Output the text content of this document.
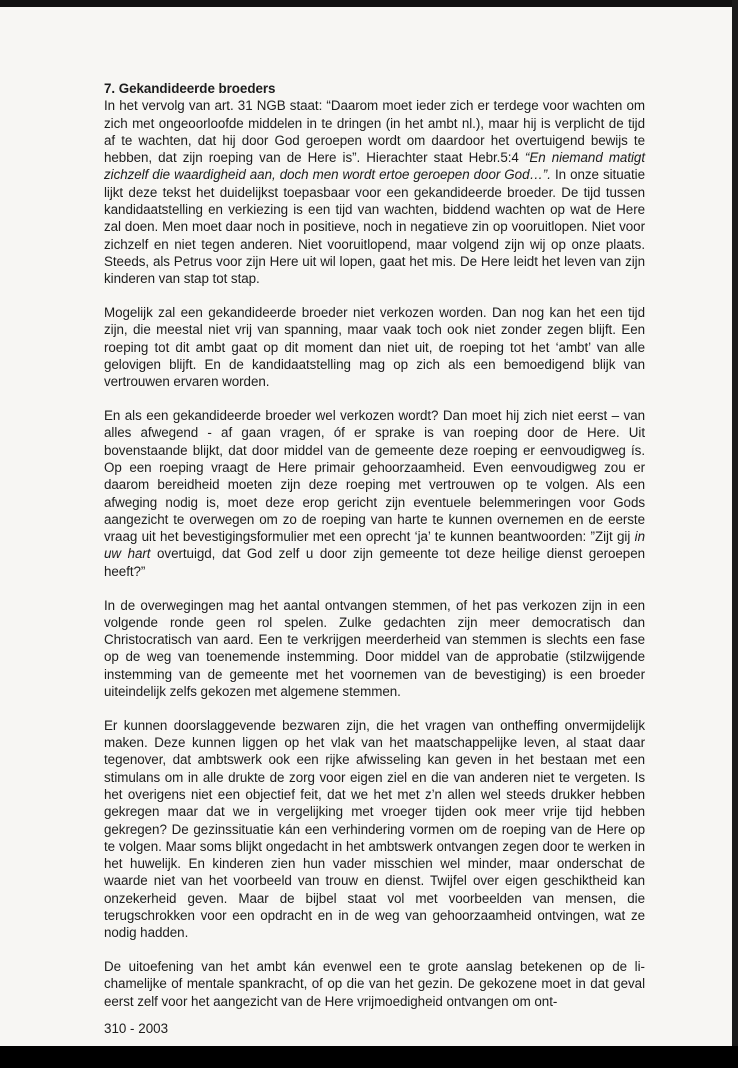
7. Gekandideerde broeders

In het vervolg van art. 31 NGB staat: “Daarom moet ieder zich er terdege voor wachten om zich met ongeoorloofde middelen in te dringen (in het ambt nl.), maar hij is verplicht de tijd af te wachten, dat hij door God geroepen wordt om daardoor het overtuigend bewijs te hebben, dat zijn roeping van de Here is”. Hierachter staat Hebr.5:4 “En niemand matigt zichzelf die waardigheid aan, doch men wordt ertoe geroepen door God…”. In onze situatie lijkt deze tekst het duidelijkst toepasbaar voor een gekandideerde broeder. De tijd tussen kandidaatstelling en verkiezing is een tijd van wachten, biddend wachten op wat de Here zal doen. Men moet daar noch in positieve, noch in negatieve zin op vooruitlopen. Niet voor zichzelf en niet tegen anderen. Niet vooruitlopend, maar volgend zijn wij op onze plaats. Steeds, als Petrus voor zijn Here uit wil lopen, gaat het mis. De Here leidt het leven van zijn kinderen van stap tot stap.

Mogelijk zal een gekandideerde broeder niet verkozen worden. Dan nog kan het een tijd zijn, die meestal niet vrij van spanning, maar vaak toch ook niet zonder zegen blijft. Een roeping tot dit ambt gaat op dit moment dan niet uit, de roeping tot het ‘ambt’ van alle gelovigen blijft. En de kandidaatstelling mag op zich als een bemoedigend blijk van vertrouwen ervaren worden.

En als een gekandideerde broeder wel verkozen wordt? Dan moet hij zich niet eerst – van alles afwegend - af gaan vragen, óf er sprake is van roeping door de Here. Uit bovenstaande blijkt, dat door middel van de gemeente deze roeping er eenvoudigweg ís. Op een roeping vraagt de Here primair gehoorzaamheid. Even eenvoudigweg zou er daarom bereidheid moeten zijn deze roeping met vertrouwen op te volgen. Als een afweging nodig is, moet deze erop gericht zijn eventuele belemmeringen voor Gods aangezicht te overwegen om zo de roeping van harte te kunnen overnemen en de eerste vraag uit het bevestigingsformulier met een oprecht ‘ja’ te kunnen beantwoorden: ”Zijt gij in uw hart overtuigd, dat God zelf u door zijn gemeente tot deze heilige dienst geroepen heeft?”

In de overwegingen mag het aantal ontvangen stemmen, of het pas verkozen zijn in een volgende ronde geen rol spelen. Zulke gedachten zijn meer democratisch dan Christocratisch van aard. Een te verkrijgen meerderheid van stemmen is slechts een fase op de weg van toenemende instemming. Door middel van de approbatie (stilzwijgende instemming van de gemeente met het voornemen van de bevestiging) is een broeder uiteindelijk zelfs gekozen met algemene stemmen.

Er kunnen doorslaggevende bezwaren zijn, die het vragen van ontheffing onvermijdelijk maken. Deze kunnen liggen op het vlak van het maatschappelijke leven, al staat daar tegenover, dat ambtswerk ook een rijke afwisseling kan geven in het bestaan met een stimulans om in alle drukte de zorg voor eigen ziel en die van anderen niet te vergeten. Is het overigens niet een objectief feit, dat we het met z’n allen wel steeds drukker hebben gekregen maar dat we in vergelijking met vroeger tijden ook meer vrije tijd hebben gekregen? De gezinssituatie kán een verhindering vormen om de roeping van de Here op te volgen. Maar soms blijkt ongedacht in het ambtswerk ontvangen zegen door te werken in het huwelijk. En kinderen zien hun vader misschien wel minder, maar onderschat de waarde niet van het voorbeeld van trouw en dienst. Twijfel over eigen geschiktheid kan onzekerheid geven. Maar de bijbel staat vol met voorbeelden van mensen, die terugschrokken voor een opdracht en in de weg van gehoorzaamheid ontvingen, wat ze nodig hadden.

De uitoefening van het ambt kán evenwel een te grote aanslag betekenen op de lichamelijke of mentale spankracht, of op die van het gezin. De gekozene moet in dat geval eerst zelf voor het aangezicht van de Here vrijmoedigheid ontvangen om ont-

310 - 2003
